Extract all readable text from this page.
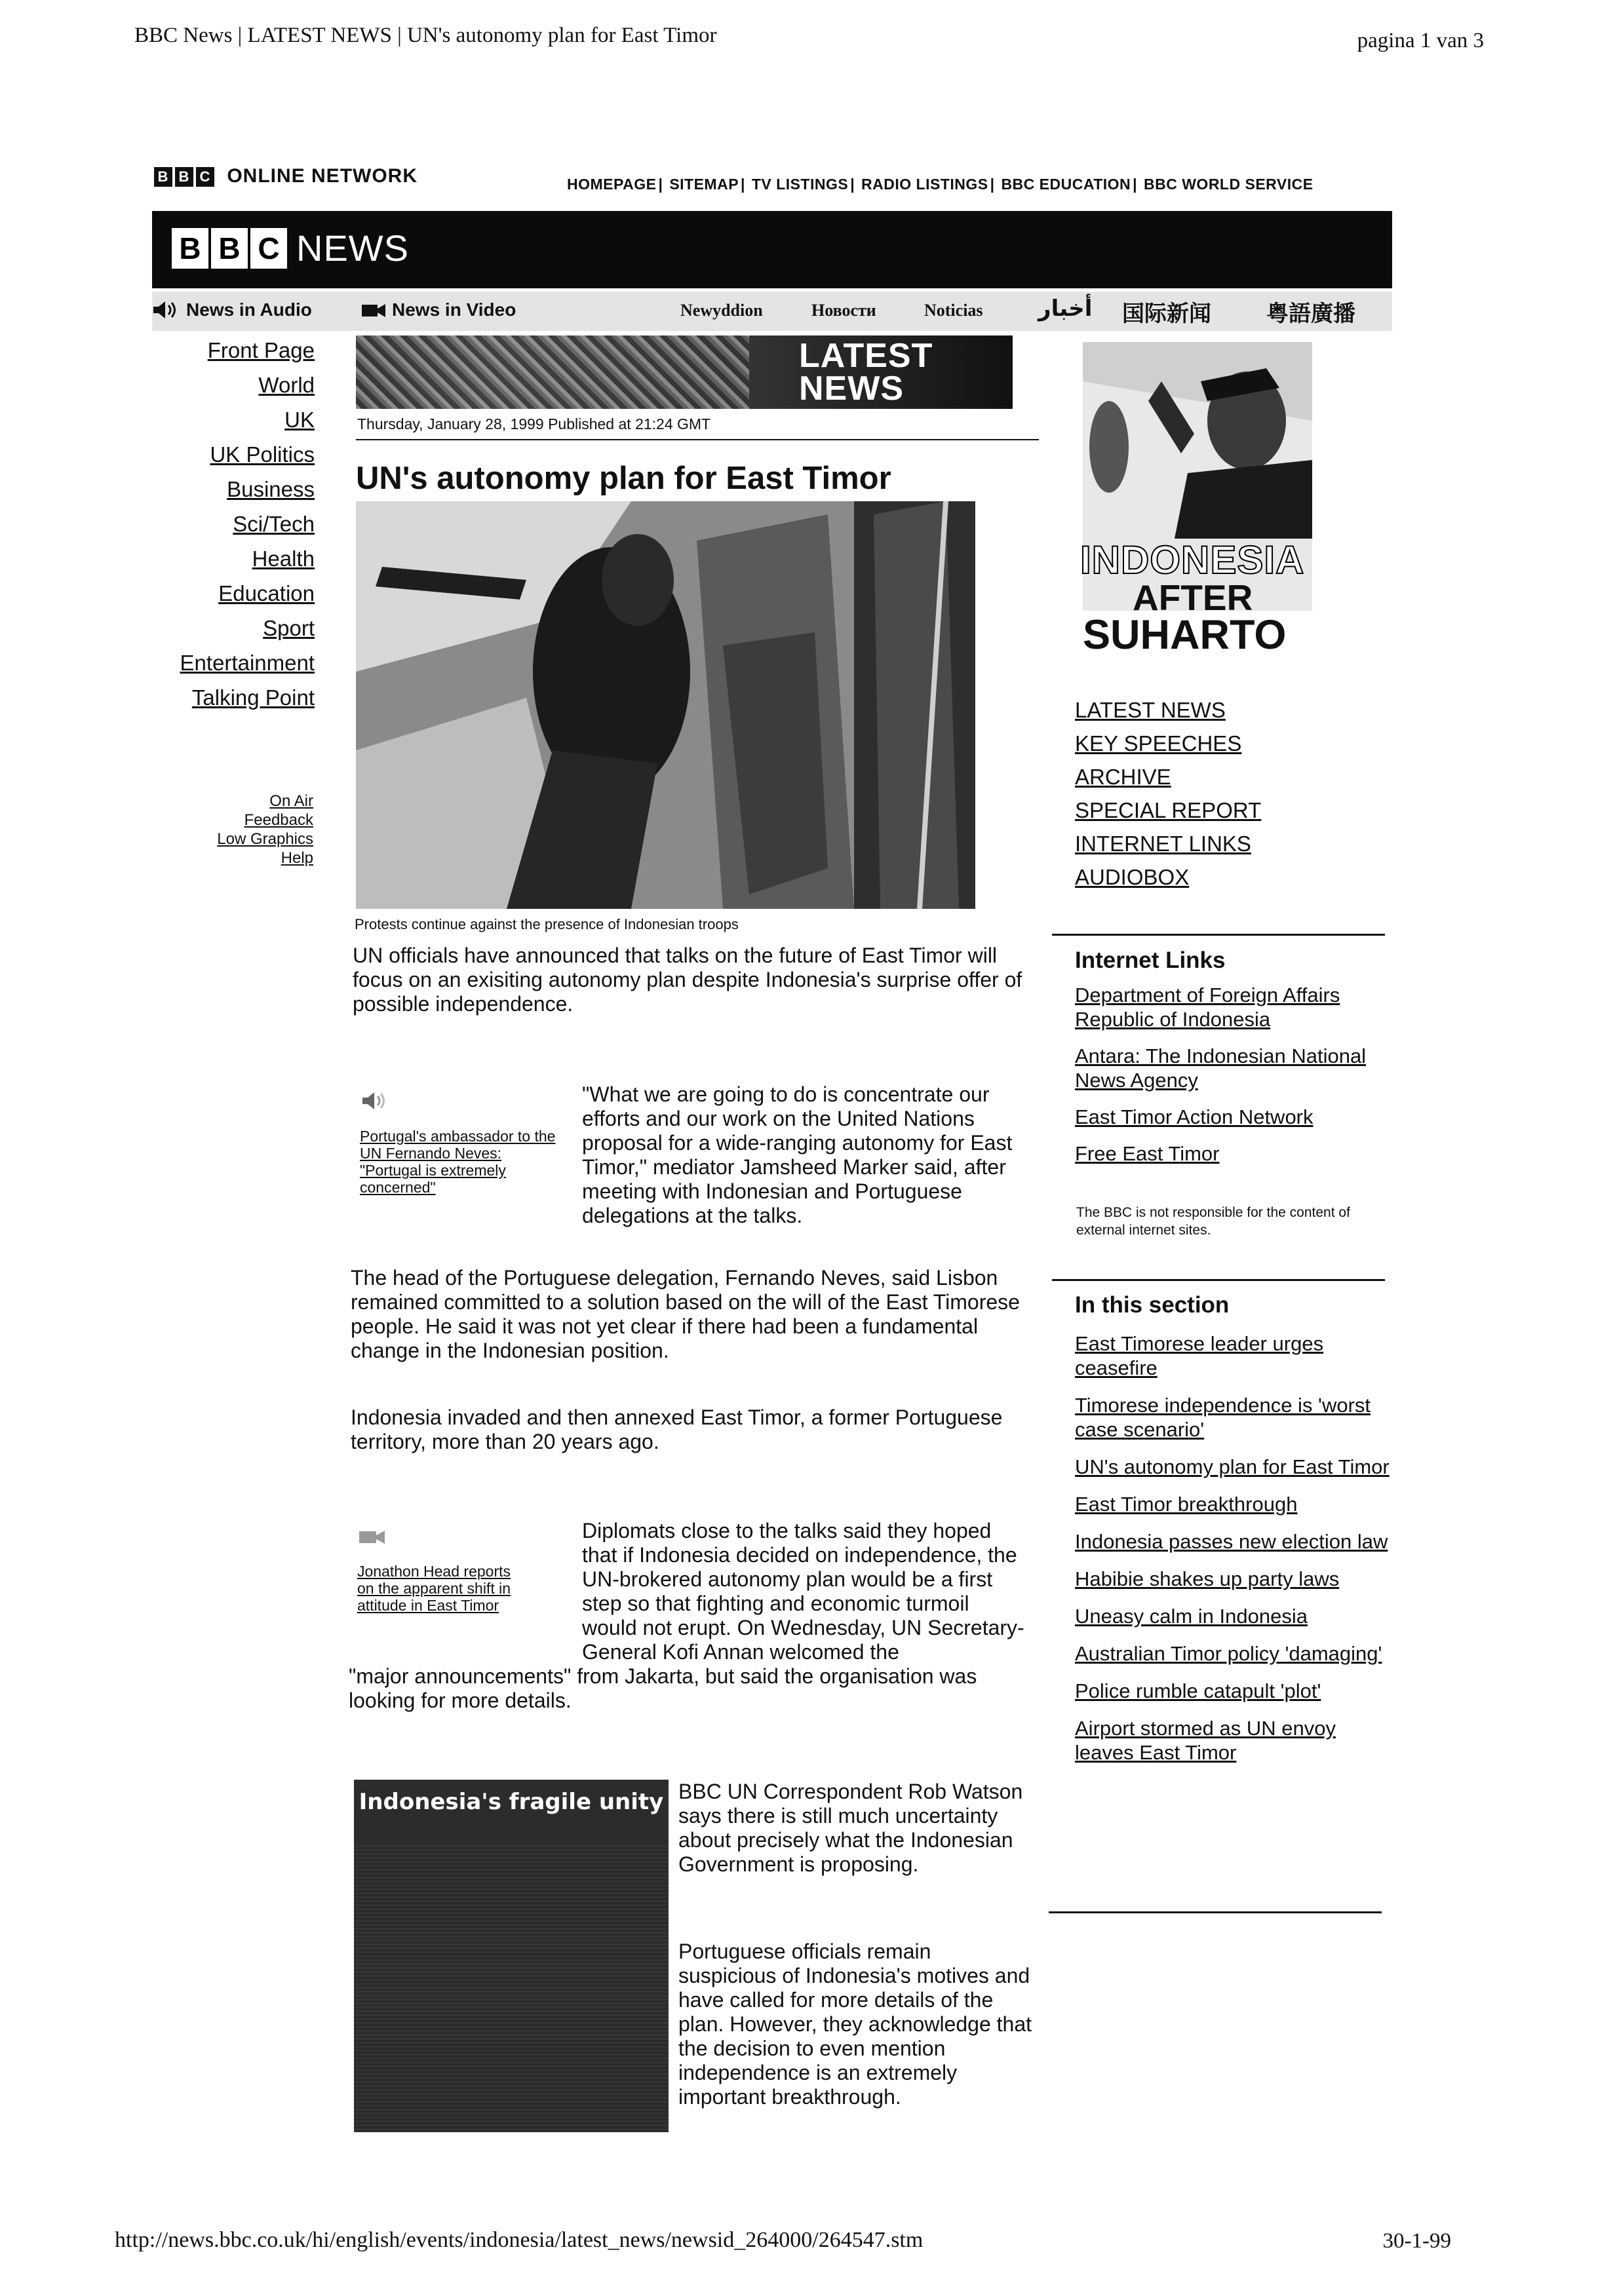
BBC News | LATEST NEWS | UN's autonomy plan for East Timor	pagina 1 van 3
B B C ONLINE NETWORK	HOMEPAGE | SITEMAP | TV LISTINGS | RADIO LISTINGS | BBC EDUCATION | BBC WORLD SERVICE
B B C NEWS
News in Audio	News in Video	Newyddion	Новости	Noticias أخبار 国际新闻 粤語廣播
Front Page
World
UK
UK Politics
Business
Sci/Tech
Health
Education
Sport
Entertainment
Talking Point
On Air
Feedback
Low Graphics
Help
LATEST
NEWS
Thursday, January 28, 1999 Published at 21:24 GMT
UN's autonomy plan for East Timor
Protests continue against the presence of Indonesian troops
UN officials have announced that talks on the future of East Timor will focus on an exisiting autonomy plan despite Indonesia's surprise offer of possible independence.
Portugal's ambassador to the UN Fernando Neves: "Portugal is extremely concerned"
"What we are going to do is concentrate our efforts and our work on the United Nations proposal for a wide-ranging autonomy for East Timor," mediator Jamsheed Marker said, after meeting with Indonesian and Portuguese delegations at the talks.
The head of the Portuguese delegation, Fernando Neves, said Lisbon remained committed to a solution based on the will of the East Timorese people. He said it was not yet clear if there had been a fundamental change in the Indonesian position.
Indonesia invaded and then annexed East Timor, a former Portuguese territory, more than 20 years ago.
Jonathon Head reports on the apparent shift in attitude in East Timor
Diplomats close to the talks said they hoped that if Indonesia decided on independence, the UN-brokered autonomy plan would be a first step so that fighting and economic turmoil would not erupt. On Wednesday, UN Secretary-General Kofi Annan welcomed the
"major announcements" from Jakarta, but said the organisation was looking for more details.
Indonesia's fragile unity BBC UN Correspondent Rob Watson says there is still much uncertainty about precisely what the Indonesian Government is proposing.
Portuguese officials remain suspicious of Indonesia's motives and have called for more details of the plan. However, they acknowledge that the decision to even mention independence is an extremely important breakthrough.
INDONESIA
AFTER
SUHARTO
LATEST NEWS
KEY SPEECHES
ARCHIVE
SPECIAL REPORT
INTERNET LINKS
AUDIOBOX
Internet Links
Department of Foreign Affairs Republic of Indonesia
Antara: The Indonesian National News Agency
East Timor Action Network
Free East Timor
The BBC is not responsible for the content of external internet sites.
In this section
East Timorese leader urges ceasefire
Timorese independence is 'worst case scenario'
UN's autonomy plan for East Timor
East Timor breakthrough
Indonesia passes new election law
Habibie shakes up party laws
Uneasy calm in Indonesia
Australian Timor policy 'damaging'
Police rumble catapult 'plot'
Airport stormed as UN envoy leaves East Timor
http://news.bbc.co.uk/hi/english/events/indonesia/latest_news/newsid_264000/264547.stm	30-1-99
